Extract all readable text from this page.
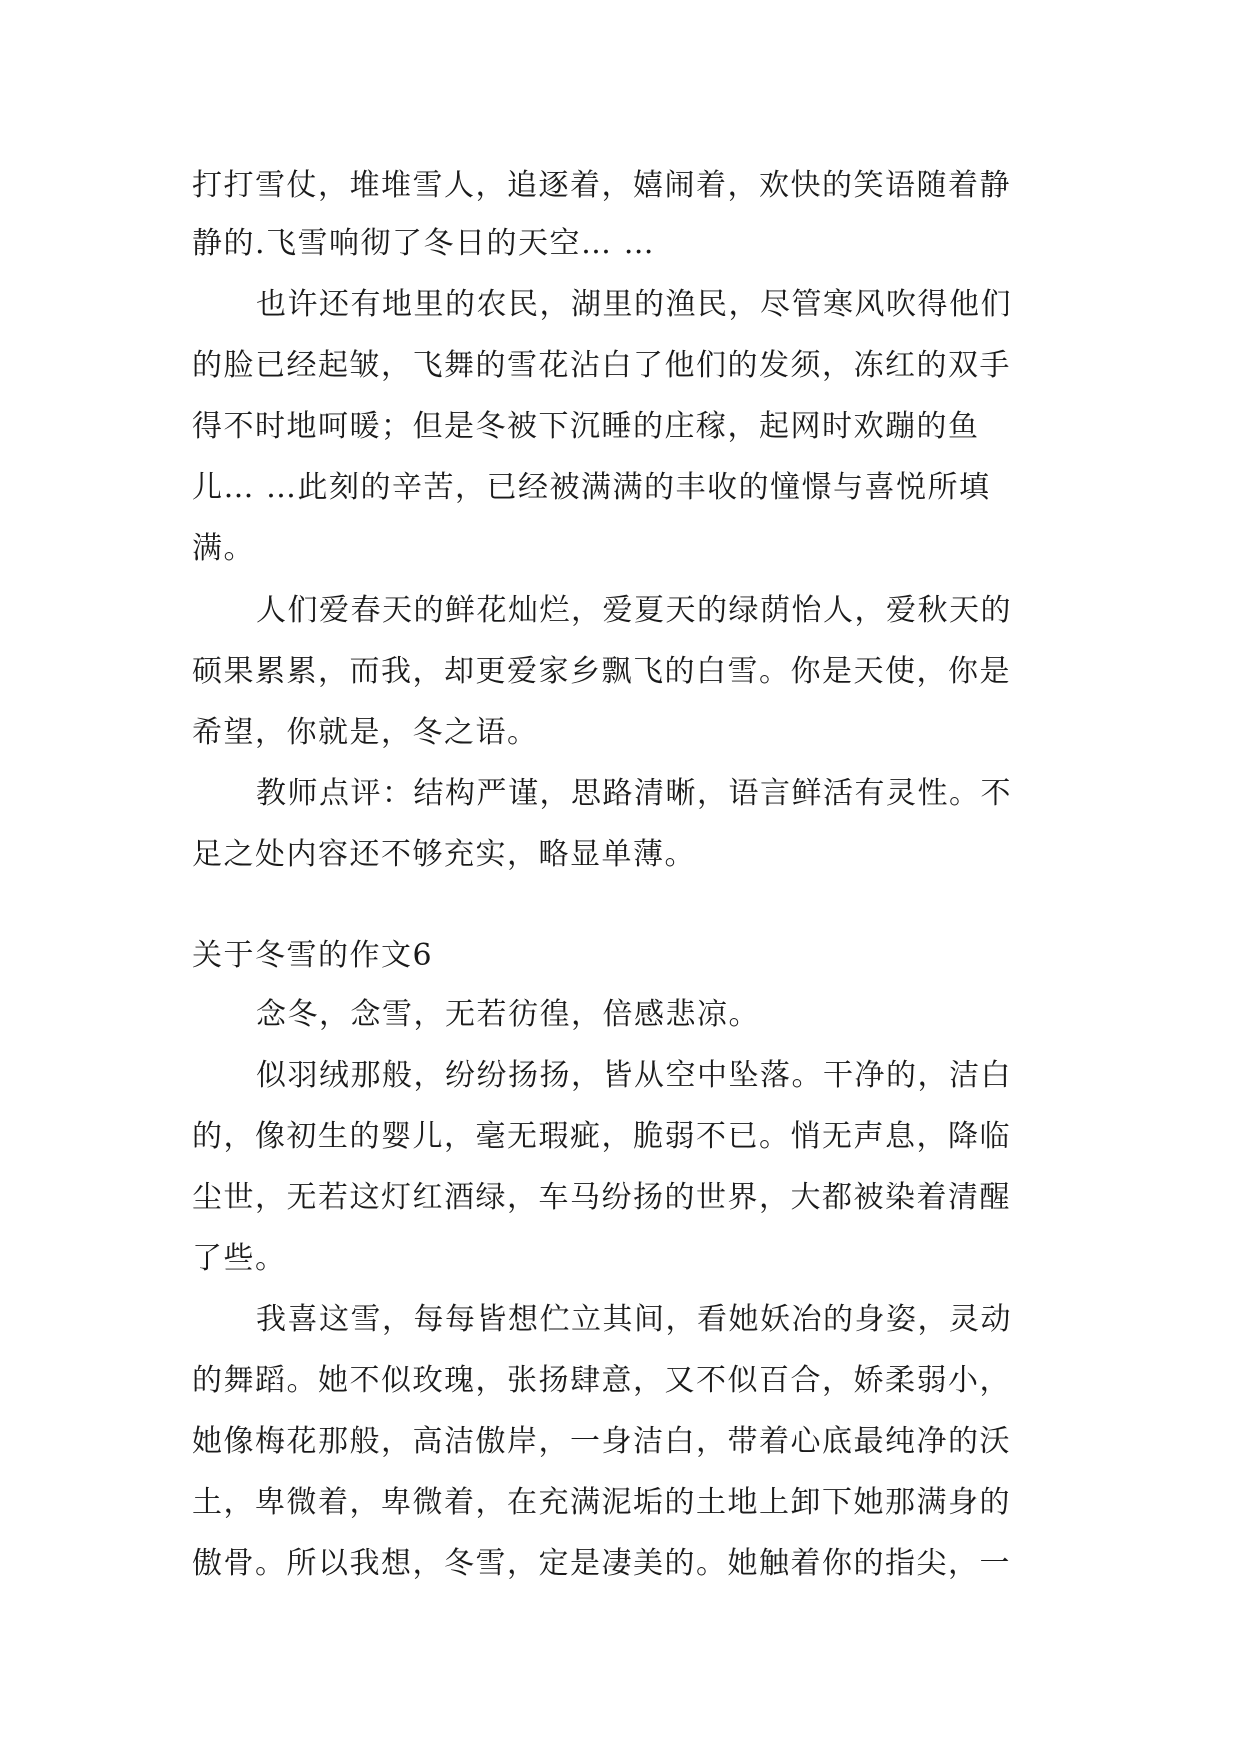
打打雪仗，堆堆雪人，追逐着，嬉闹着，欢快的笑语随着静
静的.飞雪响彻了冬日的天空… …
也许还有地里的农民，湖里的渔民，尽管寒风吹得他们
的脸已经起皱，飞舞的雪花沾白了他们的发须，冻红的双手
得不时地呵暖；但是冬被下沉睡的庄稼，起网时欢蹦的鱼
儿… …此刻的辛苦，已经被满满的丰收的憧憬与喜悦所填
满。
人们爱春天的鲜花灿烂，爱夏天的绿荫怡人，爱秋天的
硕果累累，而我，却更爱家乡飘飞的白雪。你是天使，你是
希望，你就是，冬之语。
教师点评：结构严谨，思路清晰，语言鲜活有灵性。不
足之处内容还不够充实，略显单薄。
关于冬雪的作文6
念冬，念雪，无若彷徨，倍感悲凉。
似羽绒那般，纷纷扬扬，皆从空中坠落。干净的，洁白
的，像初生的婴儿，毫无瑕疵，脆弱不已。悄无声息，降临
尘世，无若这灯红酒绿，车马纷扬的世界，大都被染着清醒
了些。
我喜这雪，每每皆想伫立其间，看她妖冶的身姿，灵动
的舞蹈。她不似玫瑰，张扬肆意，又不似百合，娇柔弱小，
她像梅花那般，高洁傲岸，一身洁白，带着心底最纯净的沃
土，卑微着，卑微着，在充满泥垢的土地上卸下她那满身的
傲骨。所以我想，冬雪，定是凄美的。她触着你的指尖，一
